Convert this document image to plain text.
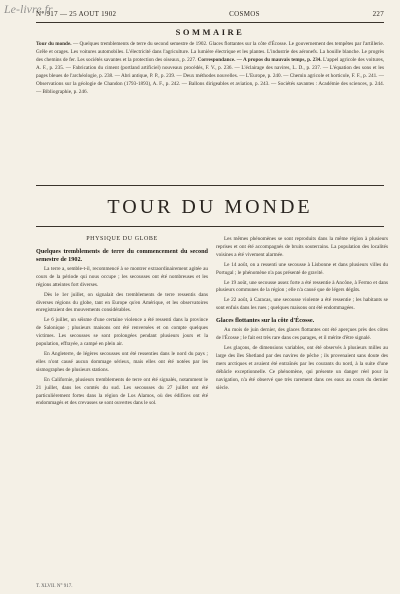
Le-livre.fr
N° 917 — 25 AOUT 1902	COSMOS	227
SOMMAIRE
Tour du monde. — Quelques tremblements de terre du second semestre de 1902. Glaces flottantes sur la côte d'Écosse. Le gouvernement des tempêtes par l'artillerie. Grêle et orages. Les voitures automobiles. L'électricité dans l'agriculture. La lumière électrique et les plantes. L'industrie des aéronefs. La houille blanche. Le progrès des chemins de fer. Les sociétés savantes et la protection des oiseaux, p. 227. Correspondance. — A propos du mauvais temps, p. 234. L'appel agricole des voitures, A. F., p. 235. — Fabrication du ciment (portland artificiel) nouveaux procédés, F. V., p. 236. — L'éclairage des navires, L. D., p. 237. — L'équation des sons et les pages bleues de l'archéologie, p. 238. — Abri antique, P. P., p. 239. — Deux méthodes nouvelles. — L'Europe, p. 240. — Chemin agricole et horticole, F. F., p. 241. — Observations sur la géologie de Chandon (1793-1893), A. F., p. 242. — Ballons dirigeables et aviation, p. 243. — Sociétés savantes : Académie des sciences, p. 244. — Bibliographie, p. 246.
TOUR DU MONDE
PHYSIQUE DU GLOBE
Quelques tremblements de terre du commencement du second semestre de 1902.

La terre a, semble-t-il, recommencé à se montrer extraordinairement agitée au cours de la période qui nous occupe ; les secousses ont été nombreuses et les régions atteintes fort diverses.

Dès le 1er juillet, on signalait des tremblements de terre ressentis dans diverses régions du globe, tant en Europe qu'en Amérique, et les observatoires enregistraient des mouvements considérables.

Le 6 juillet, un séisme d'une certaine violence a été ressenti dans la province de Salonique ; plusieurs maisons ont été renversées et on compte quelques victimes. Les secousses se sont prolongées pendant plusieurs jours et la population, effrayée, a campé en plein air.

En Angleterre, de légères secousses ont été ressenties dans le nord du pays ; elles n'ont causé aucun dommage sérieux, mais elles ont été notées par les sismographes de plusieurs stations.

En Californie, plusieurs tremblements de terre ont été signalés, notamment le 21 juillet, dans les comtés du sud. Les secousses du 27 juillet ont été particulièrement fortes dans la région de Los Alamos, où des édifices ont été endommagés et des crevasses se sont ouvertes dans le sol.

Les mêmes phénomènes se sont reproduits dans la même région à plusieurs reprises et ont été accompagnés de bruits souterrains. La population des localités voisines a été vivement alarmée.

Le 14 août, on a ressenti une secousse à Lisbonne et dans plusieurs villes du Portugal ; le phénomène n'a pas présenté de gravité.

Le 19 août, une secousse assez forte a été ressentie à Ancône, à Fermo et dans plusieurs communes de la région ; elle n'a causé que de légers dégâts.

Le 22 août, à Caracas, une secousse violente a été ressentie ; les habitants se sont enfuis dans les rues ; quelques maisons ont été endommagées.

Glaces flottantes sur la côte d'Écosse.

Au mois de juin dernier, des glaces flottantes ont été aperçues près des côtes de l'Écosse ; le fait est très rare dans ces parages, et il mérite d'être signalé.

Les glaçons, de dimensions variables, ont été observés à plusieurs milles au large des îles Shetland par des navires de pêche ; ils provenaient sans doute des mers arctiques et avaient été entraînés par les courants du nord, à la suite d'une débâcle exceptionnelle. Ce phénomène, qui présente un danger réel pour la navigation, n'a été observé que très rarement dans ces eaux au cours du dernier siècle.

T. XLVII. N° 917.
